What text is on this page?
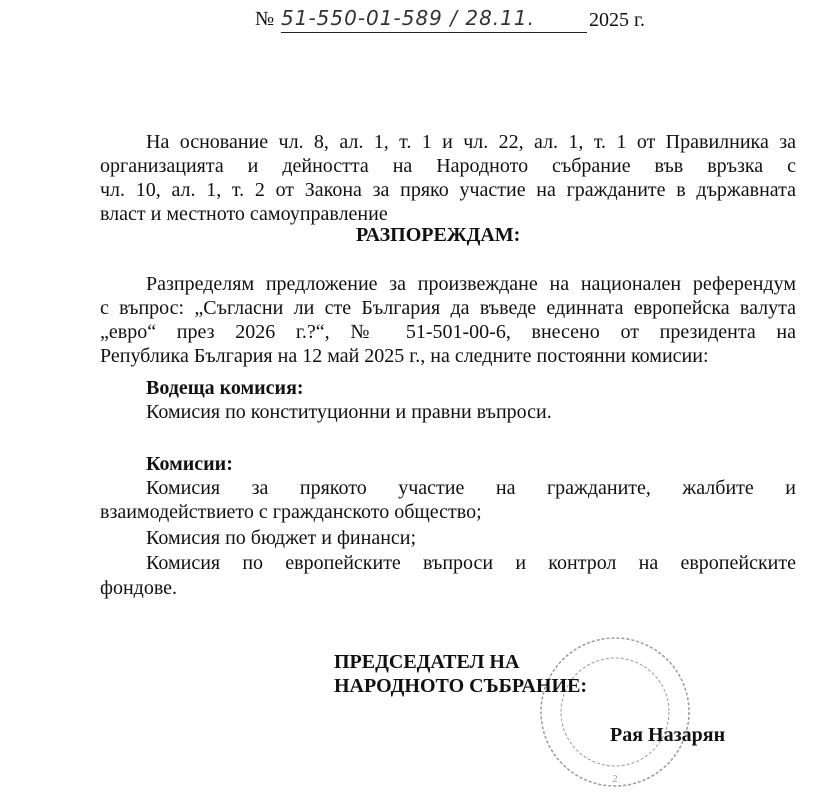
№ 51-550-01-589 / 28.11.	2025 г.
На основание чл. 8, ал. 1, т. 1 и чл. 22, ал. 1, т. 1 от Правилника за
организацията и дейността на Народното събрание във връзка с
чл. 10, ал. 1, т. 2 от Закона за пряко участие на гражданите в държавната
власт и местното самоуправление
РАЗПОРЕЖДАМ:
Разпределям предложение за произвеждане на национален референдум
с въпрос: „Съгласни ли сте България да въведе единната европейска валута
„евро“ през 2026 г.?“, № 51-501-00-6, внесено от президента на
Република България на 12 май 2025 г., на следните постоянни комисии:
Водеща комисия:
Комисия по конституционни и правни въпроси.
Комисии:
Комисия за прякото участие на гражданите, жалбите и
взаимодействието с гражданското общество;
Комисия по бюджет и финанси;
Комисия по европейските въпроси и контрол на европейските
фондове.
2
ПРЕДСЕДАТЕЛ НА
НАРОДНОТО СЪБРАНИЕ:
Рая Назарян
